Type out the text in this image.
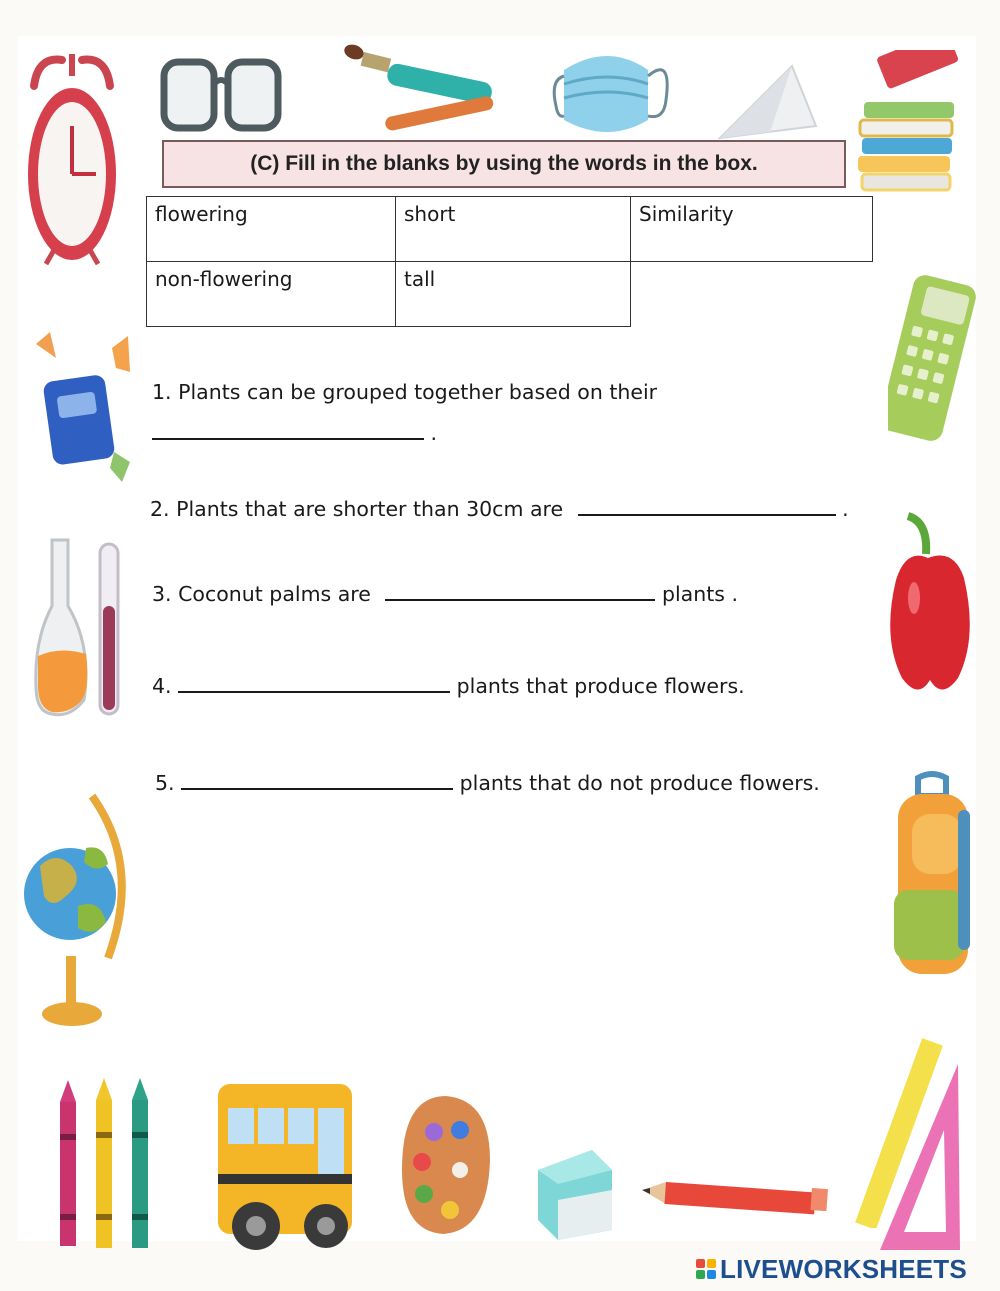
(C) Fill in the blanks by using the words in the box.
flowering	short	Similarity
non-flowering	tall
1. Plants can be grouped together based on their
.
2. Plants that are shorter than 30cm are	.
3. Coconut palms are	plants .
4.	plants that produce flowers.
5.	plants that do not produce flowers.
LIVEWORKSHEETS
